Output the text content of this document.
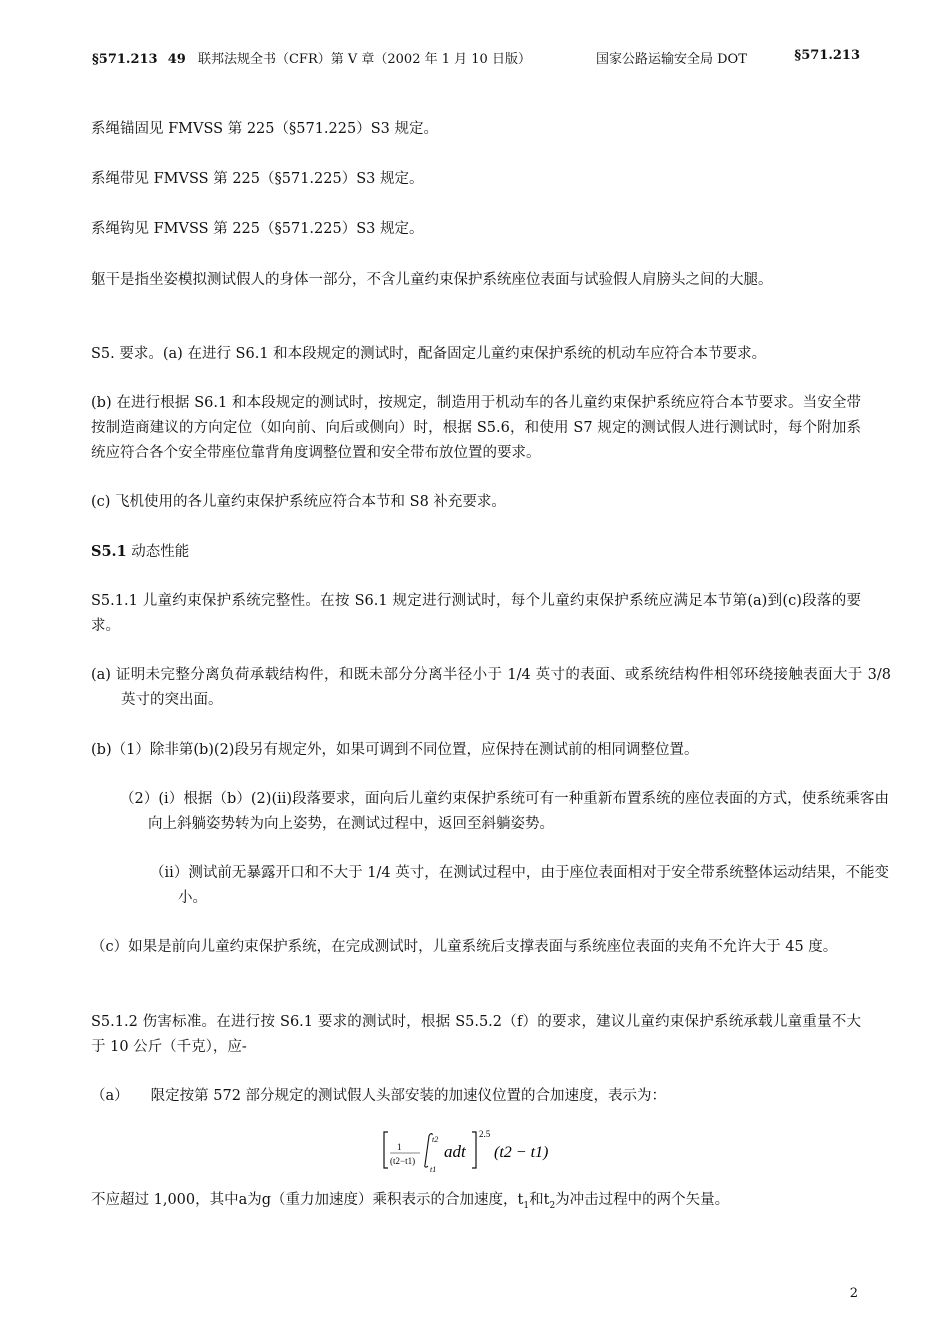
§571.213 49 联邦法规全书（CFR）第 V 章（2002 年 1 月 10 日版）	国家公路运输安全局 DOT	§571.213
系绳锚固见 FMVSS 第 225（§571.225）S3 规定。
系绳带见 FMVSS 第 225（§571.225）S3 规定。
系绳钩见 FMVSS 第 225（§571.225）S3 规定。
躯干是指坐姿模拟测试假人的身体一部分，不含儿童约束保护系统座位表面与试验假人肩膀头之间的大腿。
S5. 要求。(a) 在进行 S6.1 和本段规定的测试时，配备固定儿童约束保护系统的机动车应符合本节要求。
(b) 在进行根据 S6.1 和本段规定的测试时，按规定，制造用于机动车的各儿童约束保护系统应符合本节要求。当安全带按制造商建议的方向定位（如向前、向后或侧向）时，根据 S5.6，和使用 S7 规定的测试假人进行测试时，每个附加系统应符合各个安全带座位靠背角度调整位置和安全带布放位置的要求。
(c) 飞机使用的各儿童约束保护系统应符合本节和 S8 补充要求。
S5.1 动态性能
S5.1.1 儿童约束保护系统完整性。在按 S6.1 规定进行测试时，每个儿童约束保护系统应满足本节第(a)到(c)段落的要求。
(a) 证明未完整分离负荷承载结构件，和既未部分分离半径小于 1/4 英寸的表面、或系统结构件相邻环绕接触表面大于 3/8 英寸的突出面。
(b)（1）除非第(b)(2)段另有规定外，如果可调到不同位置，应保持在测试前的相同调整位置。
（2）(i）根据（b）(2)(ii)段落要求，面向后儿童约束保护系统可有一种重新布置系统的座位表面的方式，使系统乘客由向上斜躺姿势转为向上姿势，在测试过程中，返回至斜躺姿势。
（ii）测试前无暴露开口和不大于 1/4 英寸，在测试过程中，由于座位表面相对于安全带系统整体运动结果，不能变小。
（c）如果是前向儿童约束保护系统，在完成测试时，儿童系统后支撑表面与系统座位表面的夹角不允许大于 45 度。
S5.1.2 伤害标准。在进行按 S6.1 要求的测试时，根据 S5.5.2（f）的要求，建议儿童约束保护系统承载儿童重量不大于 10 公斤（千克），应-
（a） 限定按第 572 部分规定的测试假人头部安装的加速仪位置的合加速度，表示为：
1
(t2−t1)
t2
t1
adt
2.5
(t2 − t1)
不应超过 1,000，其中a为g（重力加速度）乘积表示的合加速度，$t_1$和$t_2$为冲击过程中的两个矢量。
2
